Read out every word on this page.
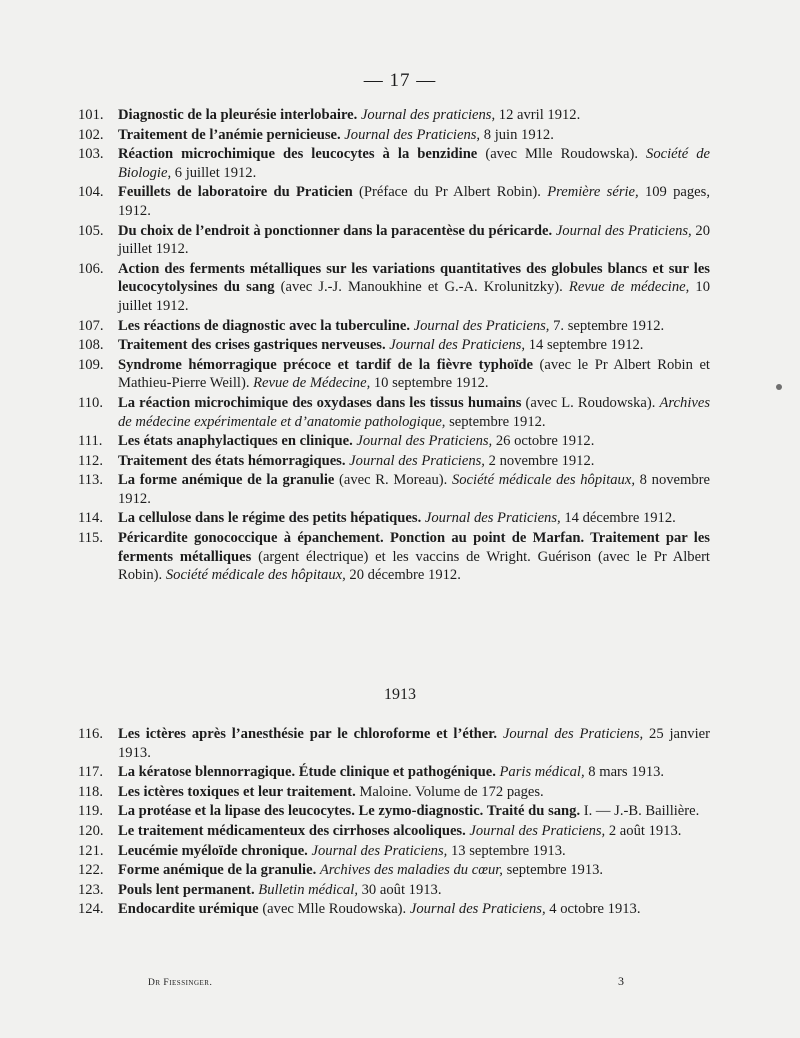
— 17 —
101. Diagnostic de la pleurésie interlobaire. Journal des praticiens, 12 avril 1912.
102. Traitement de l’anémie pernicieuse. Journal des Praticiens, 8 juin 1912.
103. Réaction microchimique des leucocytes à la benzidine (avec Mlle Roudowska). Société de Biologie, 6 juillet 1912.
104. Feuillets de laboratoire du Praticien (Préface du Pr Albert Robin). Première série, 109 pages, 1912.
105. Du choix de l’endroit à ponctionner dans la paracentèse du péricarde. Journal des Praticiens, 20 juillet 1912.
106. Action des ferments métalliques sur les variations quantitatives des globules blancs et sur les leucocytolysines du sang (avec J.-J. Manoukhine et G.-A. Krolunitzky). Revue de médecine, 10 juillet 1912.
107. Les réactions de diagnostic avec la tuberculine. Journal des Praticiens, 7. septembre 1912.
108. Traitement des crises gastriques nerveuses. Journal des Praticiens, 14 septembre 1912.
109. Syndrome hémorragique précoce et tardif de la fièvre typhoïde (avec le Pr Albert Robin et Mathieu-Pierre Weill). Revue de Médecine, 10 septembre 1912.
110. La réaction microchimique des oxydases dans les tissus humains (avec L. Roudowska). Archives de médecine expérimentale et d’anatomie pathologique, septembre 1912.
111. Les états anaphylactiques en clinique. Journal des Praticiens, 26 octobre 1912.
112. Traitement des états hémorragiques. Journal des Praticiens, 2 novembre 1912.
113. La forme anémique de la granulie (avec R. Moreau). Société médicale des hôpitaux, 8 novembre 1912.
114. La cellulose dans le régime des petits hépatiques. Journal des Praticiens, 14 décembre 1912.
115. Péricardite gonococcique à épanchement. Ponction au point de Marfan. Traitement par les ferments métalliques (argent électrique) et les vaccins de Wright. Guérison (avec le Pr Albert Robin). Société médicale des hôpitaux, 20 décembre 1912.
1913
116. Les ictères après l’anesthésie par le chloroforme et l’éther. Journal des Praticiens, 25 janvier 1913.
117. La kératose blennorragique. Étude clinique et pathogénique. Paris médical, 8 mars 1913.
118. Les ictères toxiques et leur traitement. Maloine. Volume de 172 pages.
119. La protéase et la lipase des leucocytes. Le zymo-diagnostic. Traité du sang. I. — J.-B. Baillière.
120. Le traitement médicamenteux des cirrhoses alcooliques. Journal des Praticiens, 2 août 1913.
121. Leucémie myéloïde chronique. Journal des Praticiens, 13 septembre 1913.
122. Forme anémique de la granulie. Archives des maladies du cœur, septembre 1913.
123. Pouls lent permanent. Bulletin médical, 30 août 1913.
124. Endocardite urémique (avec Mlle Roudowska). Journal des Praticiens, 4 octobre 1913.
Dr Fiessinger.	3
